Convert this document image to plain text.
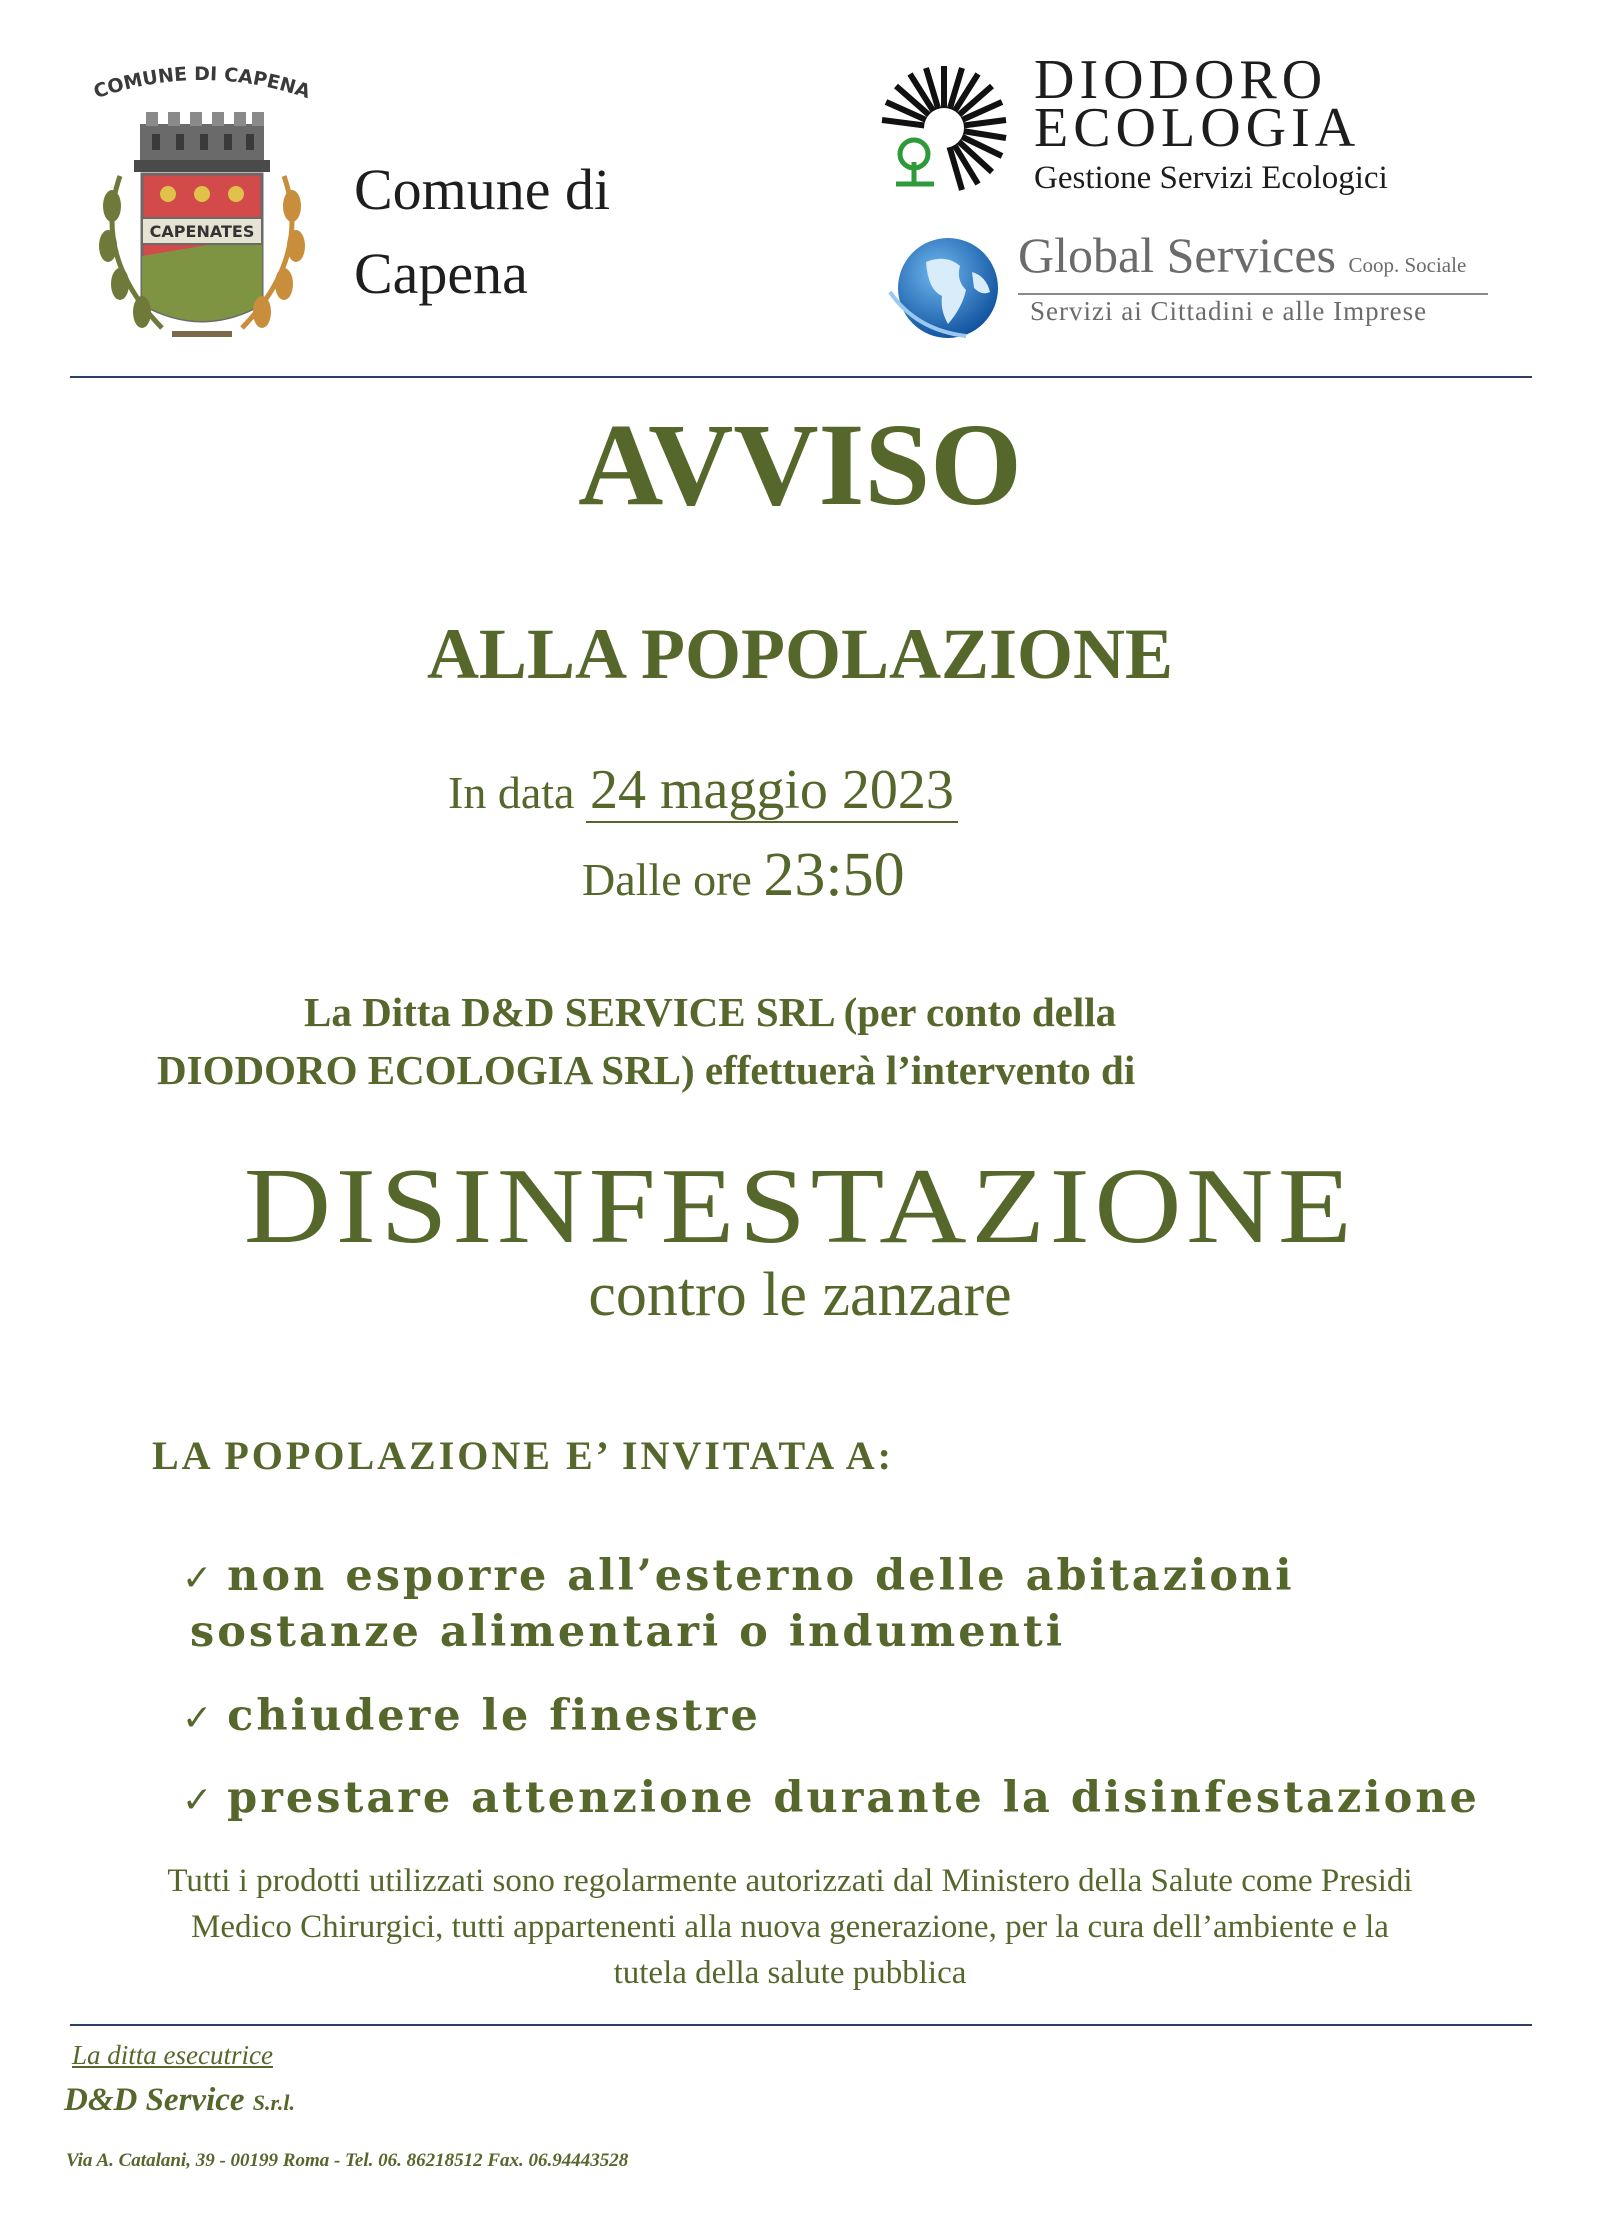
COMUNE DI CAPENA
CAPENATES
Comune di Capena
DIODORO
ECOLOGIA
Gestione Servizi Ecologici
Global Services Coop. Sociale
Servizi ai Cittadini e alle Imprese
AVVISO
ALLA POPOLAZIONE
In data 24 maggio 2023
Dalle ore 23:50
La Ditta D&D SERVICE SRL (per conto della
DIODORO ECOLOGIA SRL) effettuerà l’intervento di
DISINFESTAZIONE
contro le zanzare
LA POPOLAZIONE E’ INVITATA A:
✓ non esporre all’esterno delle abitazioni
sostanze alimentari o indumenti
✓ chiudere le finestre
✓ prestare attenzione durante la disinfestazione
Tutti i prodotti utilizzati sono regolarmente autorizzati dal Ministero della Salute come Presidi Medico Chirurgici, tutti appartenenti alla nuova generazione, per la cura dell’ambiente e la tutela della salute pubblica
La ditta esecutrice
D&D Service S.r.l.
Via A. Catalani, 39 - 00199 Roma - Tel. 06. 86218512 Fax. 06.94443528
